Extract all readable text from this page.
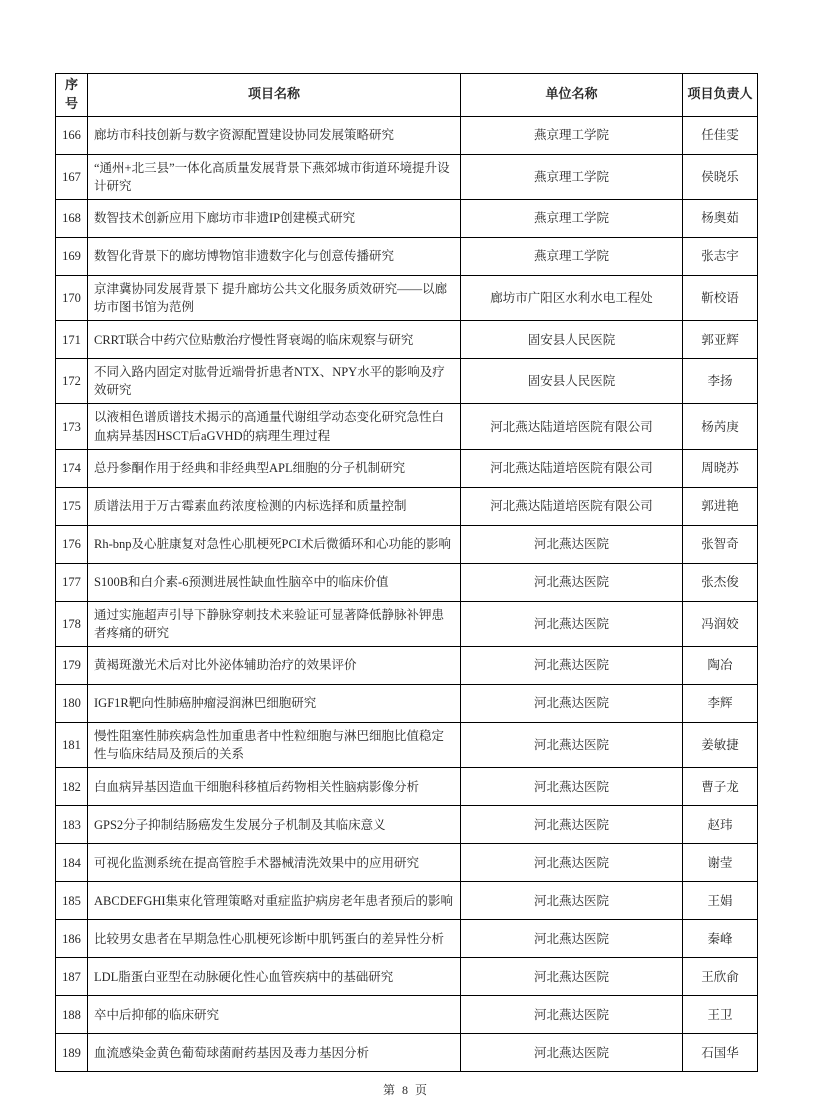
序号	项目名称	单位名称	项目负责人
166	廊坊市科技创新与数字资源配置建设协同发展策略研究	燕京理工学院	任佳雯
167	“通州+北三县”一体化高质量发展背景下燕郊城市街道环境提升设计研究	燕京理工学院	侯晓乐
168	数智技术创新应用下廊坊市非遗IP创建模式研究	燕京理工学院	杨奥茹
169	数智化背景下的廊坊博物馆非遗数字化与创意传播研究	燕京理工学院	张志宇
170	京津冀协同发展背景下 提升廊坊公共文化服务质效研究——以廊坊市图书馆为范例	廊坊市广阳区水利水电工程处	靳校语
171	CRRT联合中药穴位贴敷治疗慢性肾衰竭的临床观察与研究	固安县人民医院	郭亚辉
172	不同入路内固定对肱骨近端骨折患者NTX、NPY水平的影响及疗效研究	固安县人民医院	李扬
173	以液相色谱质谱技术揭示的高通量代谢组学动态变化研究急性白血病异基因HSCT后aGVHD的病理生理过程	河北燕达陆道培医院有限公司	杨芮庚
174	总丹参酮作用于经典和非经典型APL细胞的分子机制研究	河北燕达陆道培医院有限公司	周晓苏
175	质谱法用于万古霉素血药浓度检测的内标选择和质量控制	河北燕达陆道培医院有限公司	郭进艳
176	Rh-bnp及心脏康复对急性心肌梗死PCI术后微循环和心功能的影响	河北燕达医院	张智奇
177	S100B和白介素-6预测进展性缺血性脑卒中的临床价值	河北燕达医院	张杰俊
178	通过实施超声引导下静脉穿刺技术来验证可显著降低静脉补钾患者疼痛的研究	河北燕达医院	冯润姣
179	黄褐斑激光术后对比外泌体辅助治疗的效果评价	河北燕达医院	陶冶
180	IGF1R靶向性肺癌肿瘤浸润淋巴细胞研究	河北燕达医院	李辉
181	慢性阻塞性肺疾病急性加重患者中性粒细胞与淋巴细胞比值稳定性与临床结局及预后的关系	河北燕达医院	姜敏捷
182	白血病异基因造血干细胞科移植后药物相关性脑病影像分析	河北燕达医院	曹子龙
183	GPS2分子抑制结肠癌发生发展分子机制及其临床意义	河北燕达医院	赵玮
184	可视化监测系统在提高管腔手术器械清洗效果中的应用研究	河北燕达医院	谢莹
185	ABCDEFGHI集束化管理策略对重症监护病房老年患者预后的影响	河北燕达医院	王娟
186	比较男女患者在早期急性心肌梗死诊断中肌钙蛋白的差异性分析	河北燕达医院	秦峰
187	LDL脂蛋白亚型在动脉硬化性心血管疾病中的基础研究	河北燕达医院	王欣俞
188	卒中后抑郁的临床研究	河北燕达医院	王卫
189	血流感染金黄色葡萄球菌耐药基因及毒力基因分析	河北燕达医院	石国华
第 8 页
